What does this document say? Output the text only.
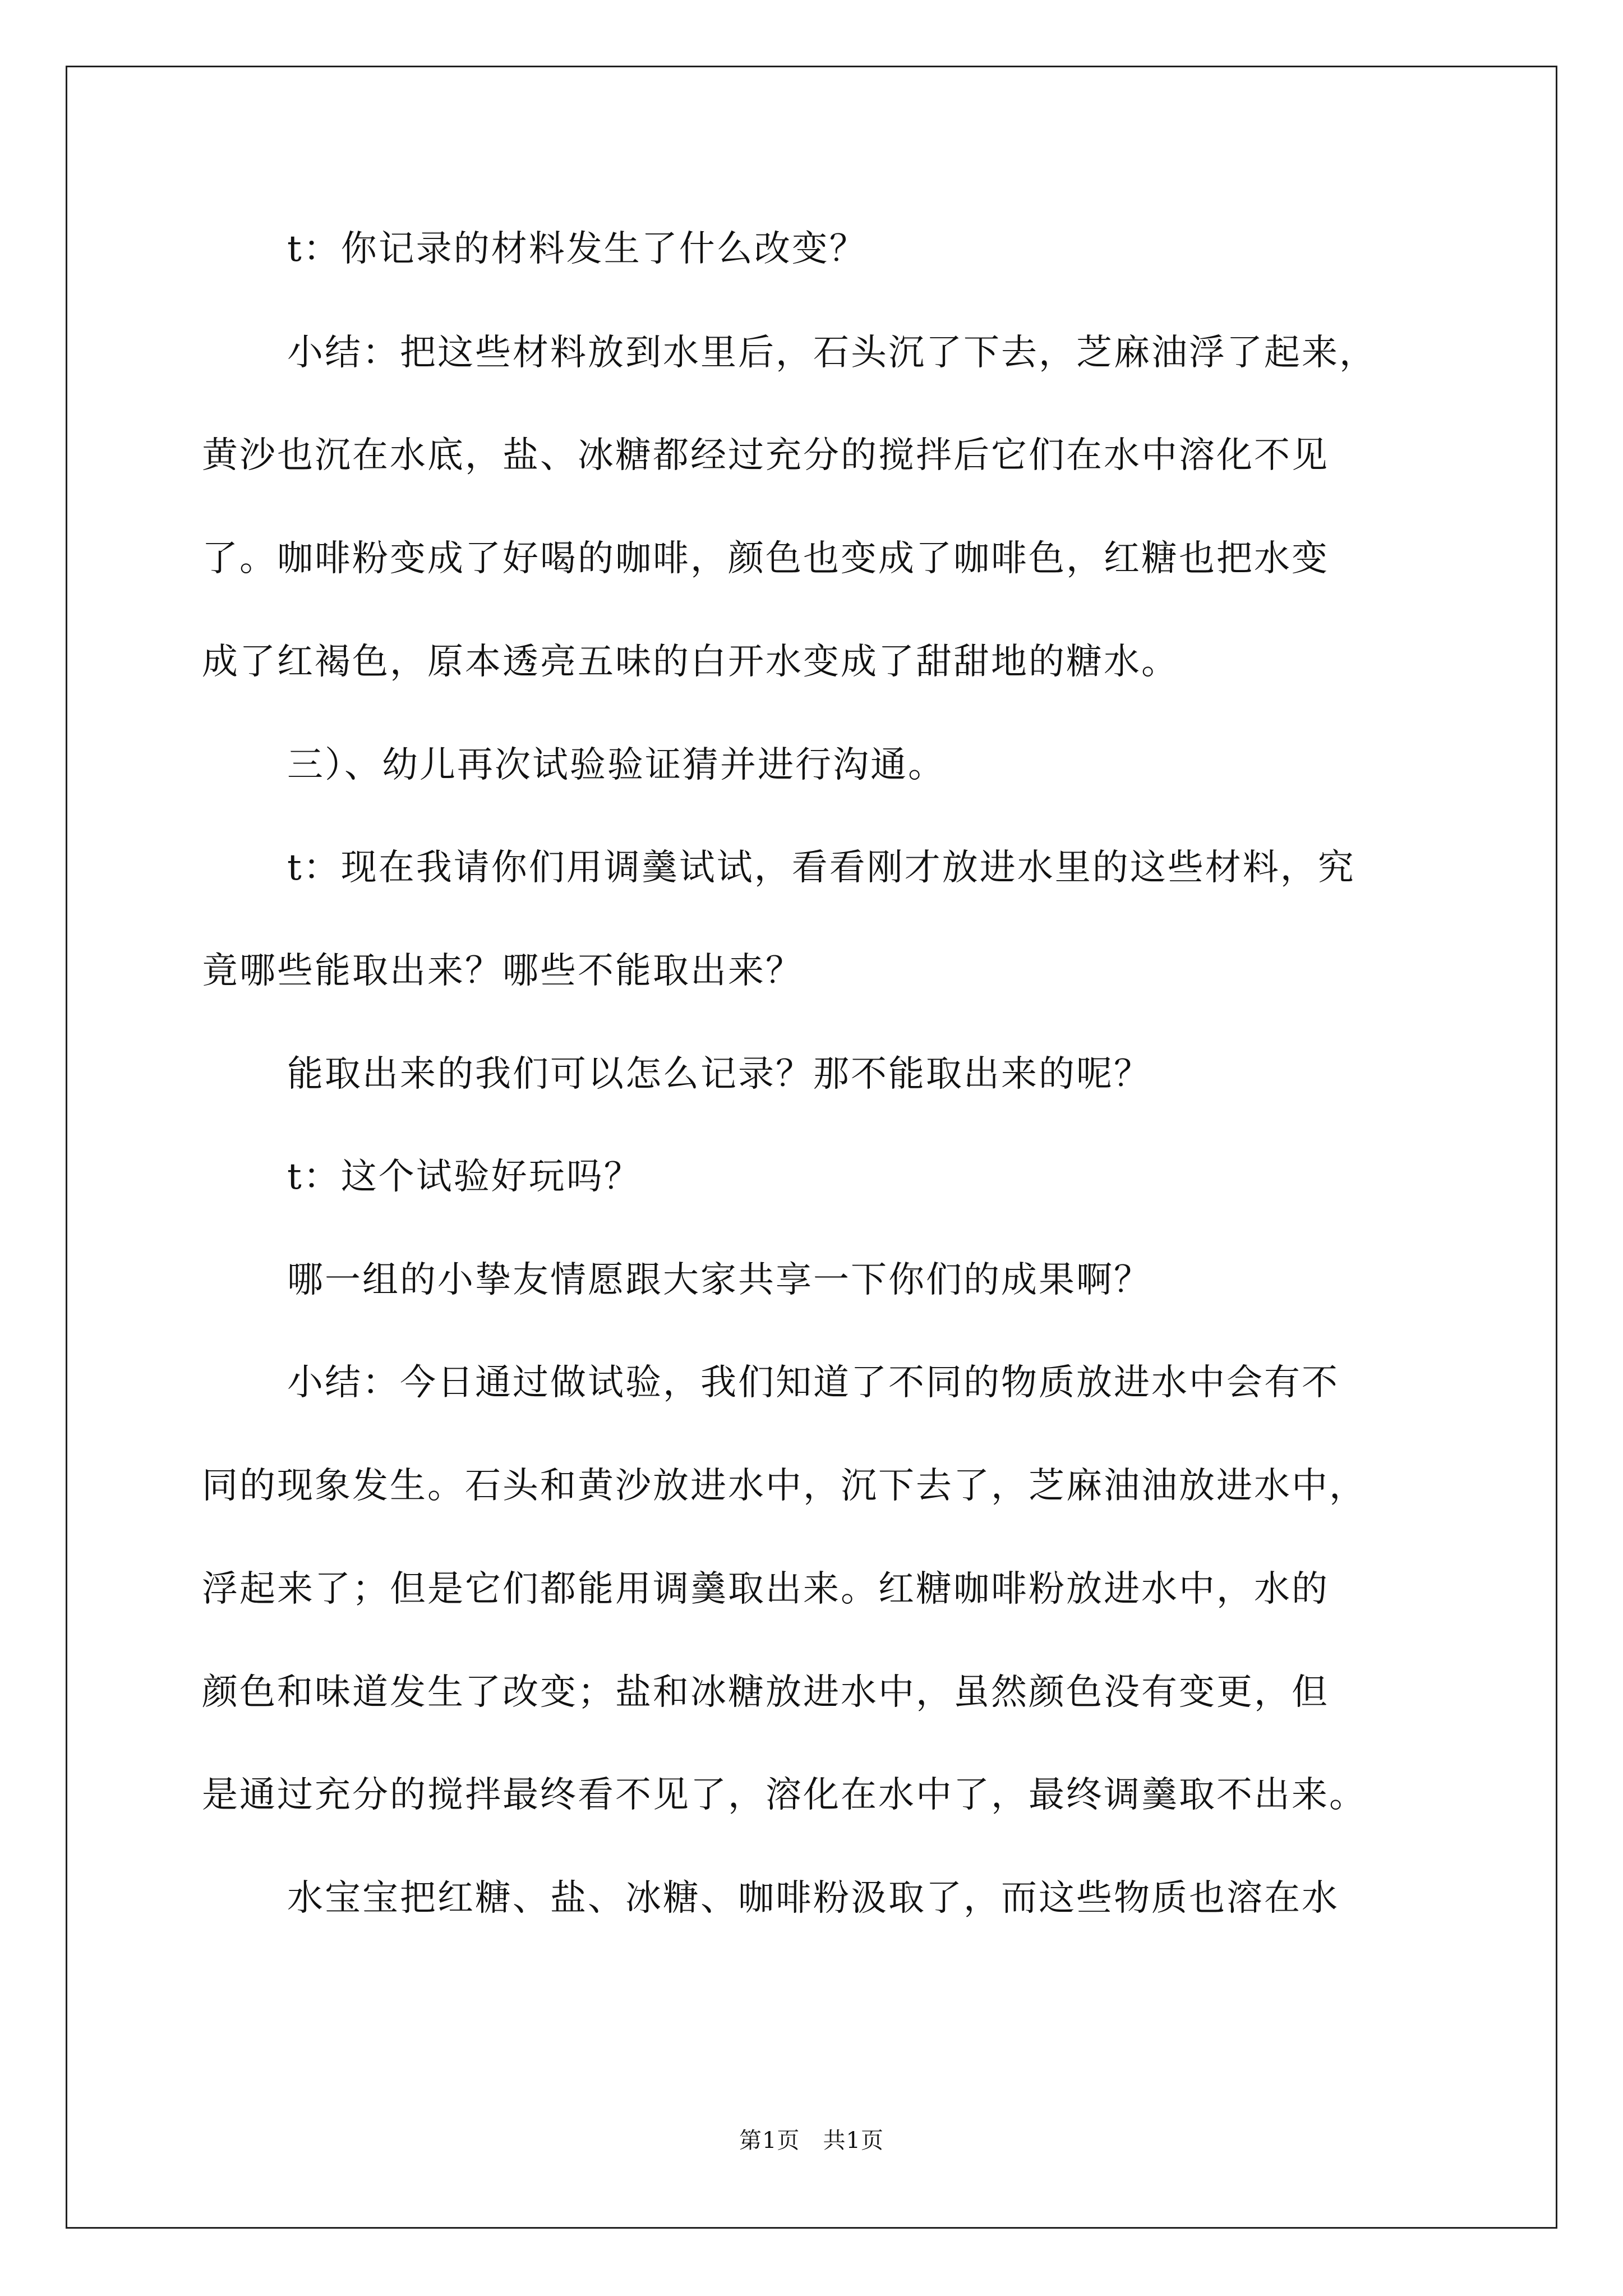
t：你记录的材料发生了什么改变？
小结：把这些材料放到水里后，石头沉了下去，芝麻油浮了起来，
黄沙也沉在水底，盐、冰糖都经过充分的搅拌后它们在水中溶化不见
了。咖啡粉变成了好喝的咖啡，颜色也变成了咖啡色，红糖也把水变
成了红褐色，原本透亮五味的白开水变成了甜甜地的糖水。
三）、幼儿再次试验验证猜并进行沟通。
t：现在我请你们用调羹试试，看看刚才放进水里的这些材料，究
竟哪些能取出来？哪些不能取出来？
能取出来的我们可以怎么记录？那不能取出来的呢？
t：这个试验好玩吗？
哪一组的小挚友情愿跟大家共享一下你们的成果啊？
小结：今日通过做试验，我们知道了不同的物质放进水中会有不
同的现象发生。石头和黄沙放进水中，沉下去了，芝麻油油放进水中，
浮起来了；但是它们都能用调羹取出来。红糖咖啡粉放进水中，水的
颜色和味道发生了改变；盐和冰糖放进水中，虽然颜色没有变更，但
是通过充分的搅拌最终看不见了，溶化在水中了，最终调羹取不出来。
水宝宝把红糖、盐、冰糖、咖啡粉汲取了，而这些物质也溶在水
第1页   共1页
